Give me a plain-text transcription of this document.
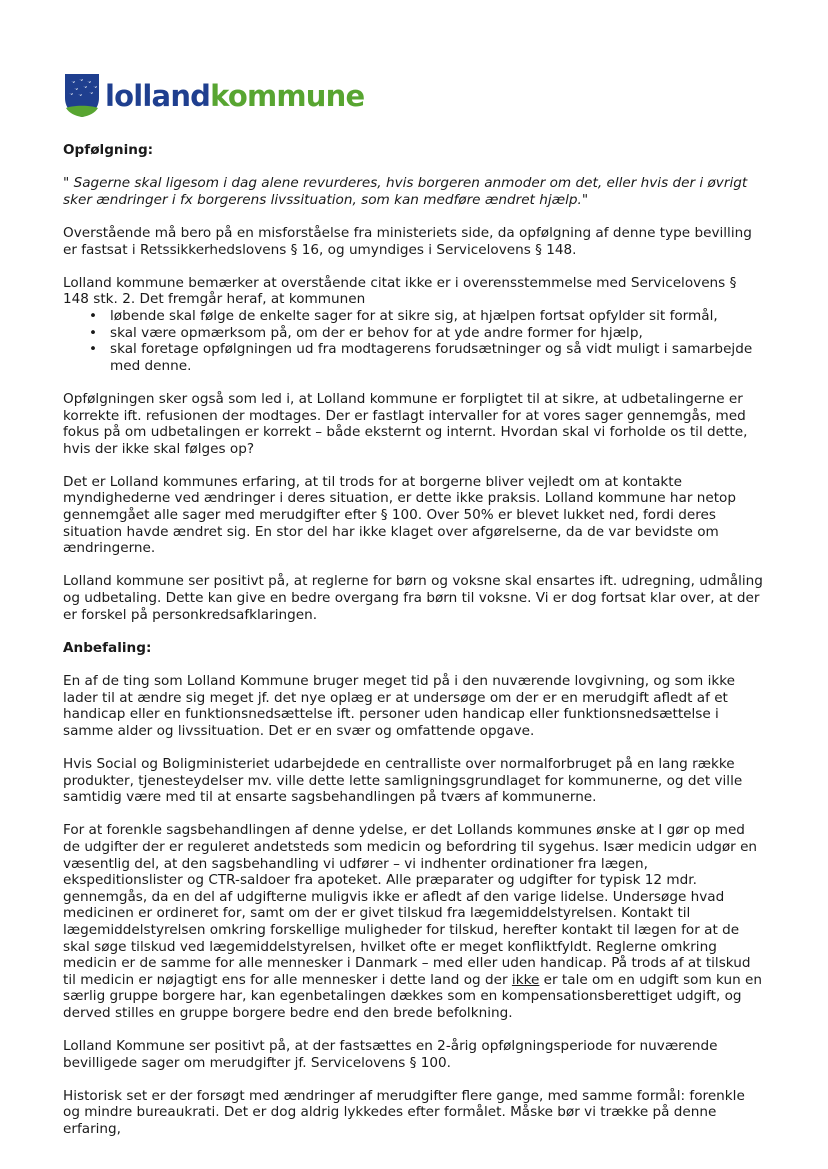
lollandkommune

Opfølgning:

" Sagerne skal ligesom i dag alene revurderes, hvis borgeren anmoder om det, eller hvis der i øvrigt sker ændringer i fx borgerens livssituation, som kan medføre ændret hjælp."

Overstående må bero på en misforståelse fra ministeriets side, da opfølgning af denne type bevilling er fastsat i Retssikkerhedslovens § 16, og umyndiges i Servicelovens § 148.

Lolland kommune bemærker at overstående citat ikke er i overensstemmelse med Servicelovens § 148 stk. 2. Det fremgår heraf, at kommunen

• løbende skal følge de enkelte sager for at sikre sig, at hjælpen fortsat opfylder sit formål,
• skal være opmærksom på, om der er behov for at yde andre former for hjælp,
• skal foretage opfølgningen ud fra modtagerens forudsætninger og så vidt muligt i samarbejde med denne.

Opfølgningen sker også som led i, at Lolland kommune er forpligtet til at sikre, at udbetalingerne er korrekte ift. refusionen der modtages. Der er fastlagt intervaller for at vores sager gennemgås, med fokus på om udbetalingen er korrekt – både eksternt og internt. Hvordan skal vi forholde os til dette, hvis der ikke skal følges op?

Det er Lolland kommunes erfaring, at til trods for at borgerne bliver vejledt om at kontakte myndighederne ved ændringer i deres situation, er dette ikke praksis. Lolland kommune har netop gennemgået alle sager med merudgifter efter § 100. Over 50% er blevet lukket ned, fordi deres situation havde ændret sig. En stor del har ikke klaget over afgørelserne, da de var bevidste om ændringerne.

Lolland kommune ser positivt på, at reglerne for børn og voksne skal ensartes ift. udregning, udmåling og udbetaling. Dette kan give en bedre overgang fra børn til voksne. Vi er dog fortsat klar over, at der er forskel på personkredsafklaringen.

Anbefaling:

En af de ting som Lolland Kommune bruger meget tid på i den nuværende lovgivning, og som ikke lader til at ændre sig meget jf. det nye oplæg er at undersøge om der er en merudgift afledt af et handicap eller en funktionsnedsættelse ift. personer uden handicap eller funktionsnedsættelse i samme alder og livssituation. Det er en svær og omfattende opgave.

Hvis Social og Boligministeriet udarbejdede en centralliste over normalforbruget på en lang række produkter, tjenesteydelser mv. ville dette lette samligningsgrundlaget for kommunerne, og det ville samtidig være med til at ensarte sagsbehandlingen på tværs af kommunerne.

For at forenkle sagsbehandlingen af denne ydelse, er det Lollands kommunes ønske at I gør op med de udgifter der er reguleret andetsteds som medicin og befordring til sygehus. Især medicin udgør en væsentlig del, at den sagsbehandling vi udfører – vi indhenter ordinationer fra lægen, ekspeditionslister og CTR-saldoer fra apoteket. Alle præparater og udgifter for typisk 12 mdr. gennemgås, da en del af udgifterne muligvis ikke er afledt af den varige lidelse. Undersøge hvad medicinen er ordineret for, samt om der er givet tilskud fra lægemiddelstyrelsen. Kontakt til lægemiddelstyrelsen omkring forskellige muligheder for tilskud, herefter kontakt til lægen for at de skal søge tilskud ved lægemiddelstyrelsen, hvilket ofte er meget konfliktfyldt. Reglerne omkring medicin er de samme for alle mennesker i Danmark – med eller uden handicap. På trods af at tilskud til medicin er nøjagtigt ens for alle mennesker i dette land og der ikke er tale om en udgift som kun en særlig gruppe borgere har, kan egenbetalingen dækkes som en kompensationsberettiget udgift, og derved stilles en gruppe borgere bedre end den brede befolkning.

Lolland Kommune ser positivt på, at der fastsættes en 2-årig opfølgningsperiode for nuværende bevilligede sager om merudgifter jf. Servicelovens § 100.

Historisk set er der forsøgt med ændringer af merudgifter flere gange, med samme formål: forenkle og mindre bureaukrati. Det er dog aldrig lykkedes efter formålet. Måske bør vi trække på denne erfaring,
